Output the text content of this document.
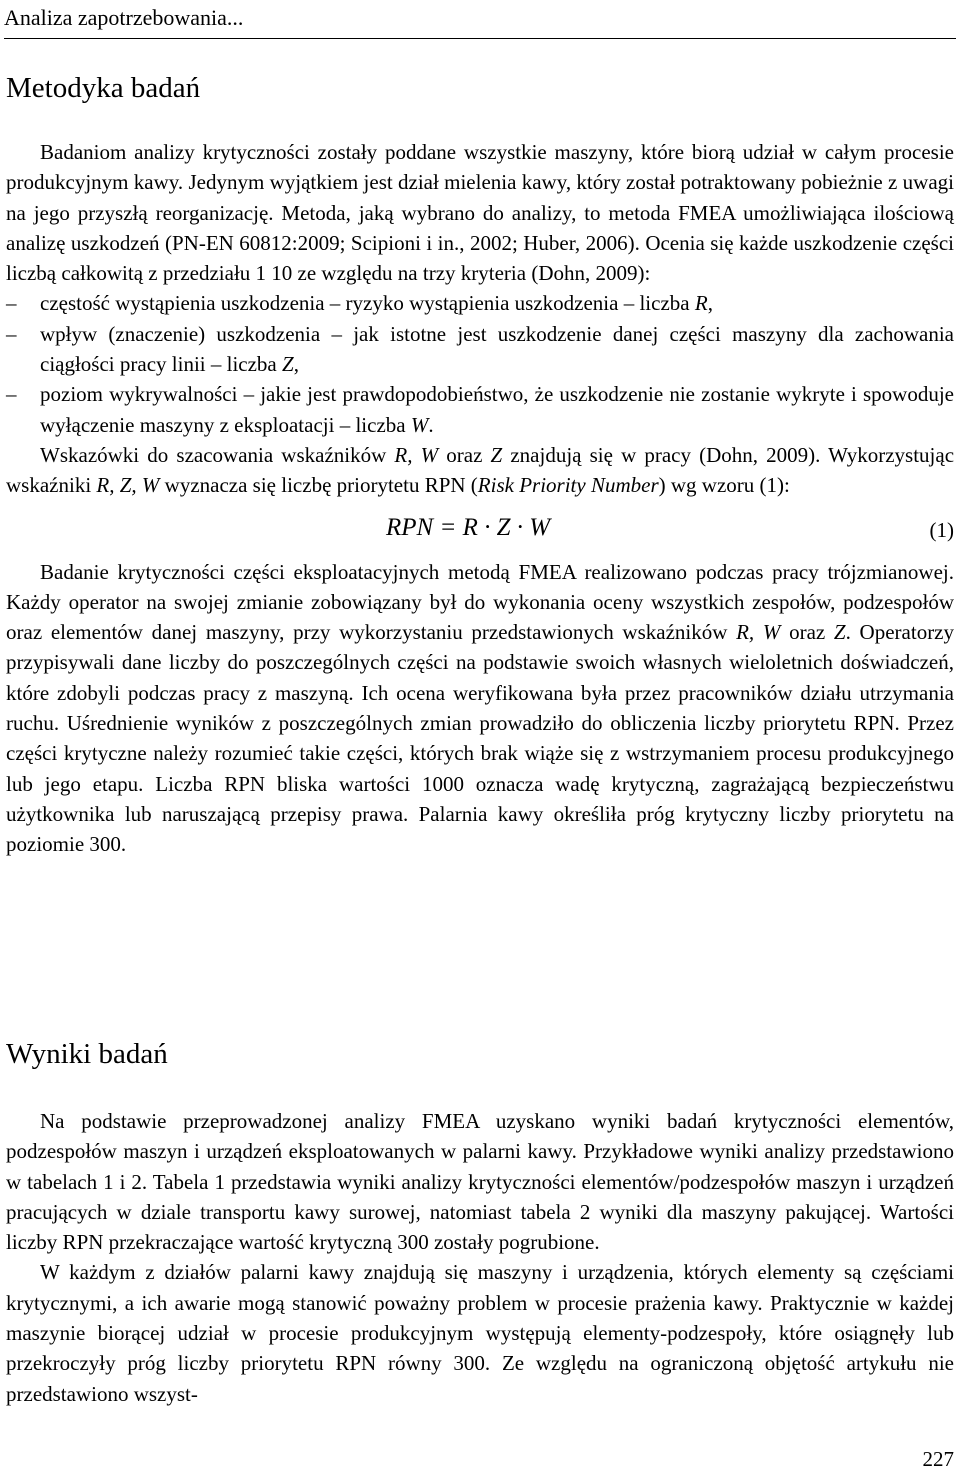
Analiza zapotrzebowania...
Metodyka badań

Badaniom analizy krytyczności zostały poddane wszystkie maszyny, które biorą udział w całym procesie produkcyjnym kawy. Jedynym wyjątkiem jest dział mielenia kawy, który został potraktowany pobieżnie z uwagi na jego przyszłą reorganizację. Metoda, jaką wybrano do analizy, to metoda FMEA umożliwiająca ilościową analizę uszkodzeń (PN-EN 60812:2009; Scipioni i in., 2002; Huber, 2006). Ocenia się każde uszkodzenie części liczbą całkowitą z przedziału 1 10 ze względu na trzy kryteria (Dohn, 2009):

– częstość wystąpienia uszkodzenia – ryzyko wystąpienia uszkodzenia – liczba R,
– wpływ (znaczenie) uszkodzenia – jak istotne jest uszkodzenie danej części maszyny dla zachowania ciągłości pracy linii – liczba Z,
– poziom wykrywalności – jakie jest prawdopodobieństwo, że uszkodzenie nie zostanie wykryte i spowoduje wyłączenie maszyny z eksploatacji – liczba W.

Wskazówki do szacowania wskaźników R, W oraz Z znajdują się w pracy (Dohn, 2009). Wykorzystując wskaźniki R, Z, W wyznacza się liczbę priorytetu RPN (Risk Priority Number) wg wzoru (1):

RPN = R · Z · W	(1)

Badanie krytyczności części eksploatacyjnych metodą FMEA realizowano podczas pracy trójzmianowej. Każdy operator na swojej zmianie zobowiązany był do wykonania oceny wszystkich zespołów, podzespołów oraz elementów danej maszyny, przy wykorzystaniu przedstawionych wskaźników R, W oraz Z. Operatorzy przypisywali dane liczby do poszczególnych części na podstawie swoich własnych wieloletnich doświadczeń, które zdobyli podczas pracy z maszyną. Ich ocena weryfikowana była przez pracowników działu utrzymania ruchu. Uśrednienie wyników z poszczególnych zmian prowadziło do obliczenia liczby priorytetu RPN. Przez części krytyczne należy rozumieć takie części, których brak wiąże się z wstrzymaniem procesu produkcyjnego lub jego etapu. Liczba RPN bliska wartości 1000 oznacza wadę krytyczną, zagrażającą bezpieczeństwu użytkownika lub naruszającą przepisy prawa. Palarnia kawy określiła próg krytyczny liczby priorytetu na poziomie 300.

Wyniki badań

Na podstawie przeprowadzonej analizy FMEA uzyskano wyniki badań krytyczności elementów, podzespołów maszyn i urządzeń eksploatowanych w palarni kawy. Przykładowe wyniki analizy przedstawiono w tabelach 1 i 2. Tabela 1 przedstawia wyniki analizy krytyczności elementów/podzespołów maszyn i urządzeń pracujących w dziale transportu kawy surowej, natomiast tabela 2 wyniki dla maszyny pakującej. Wartości liczby RPN przekraczające wartość krytyczną 300 zostały pogrubione.

W każdym z działów palarni kawy znajdują się maszyny i urządzenia, których elementy są częściami krytycznymi, a ich awarie mogą stanowić poważny problem w procesie prażenia kawy. Praktycznie w każdej maszynie biorącej udział w procesie produkcyjnym występują elementy-podzespoły, które osiągnęły lub przekroczyły próg liczby priorytetu RPN równy 300. Ze względu na ograniczoną objętość artykułu nie przedstawiono wszyst-

227
